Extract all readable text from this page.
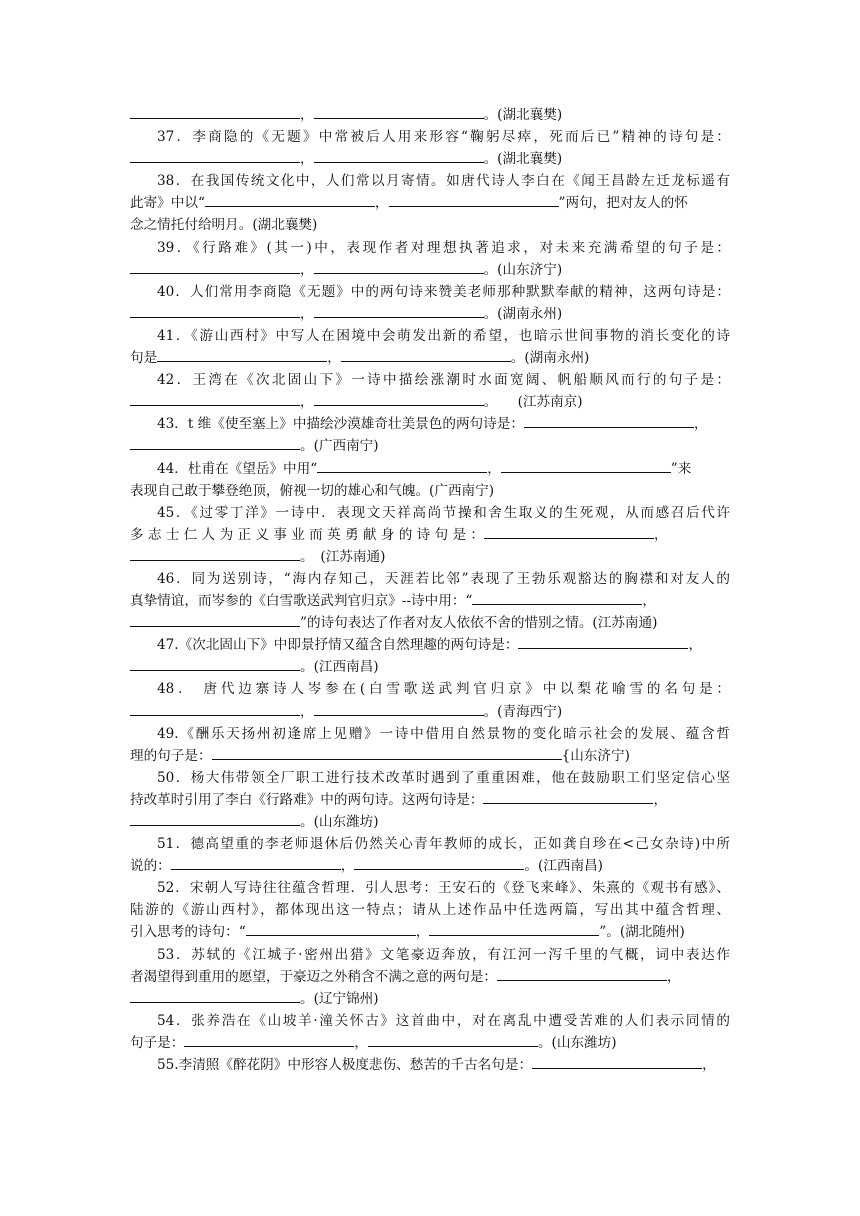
，	。(湖北襄樊)
37．李商隐的《无题》中常被后人用来形容“鞠躬尽瘁，死而后已”精神的诗句是：
，	。(湖北襄樊)
38．在我国传统文化中，人们常以月寄情。如唐代诗人李白在《闻王昌龄左迁龙标遥有
此寄》中以“	，	”两句，把对友人的怀
念之情托付给明月。(湖北襄樊)
39．《行路难》(其一)中，表现作者对理想执著追求，对未来充满希望的句子是：
，	。(山东济宁)
40．人们常用李商隐《无题》中的两句诗来赞美老师那种默默奉献的精神，这两句诗是：
，	。(湖南永州)
41．《游山西村》中写人在困境中会萌发出新的希望，也暗示世间事物的消长变化的诗
句是	，	。(湖南永州)
42．王湾在《次北固山下》一诗中描绘涨潮时水面宽阔、帆船顺风而行的句子是：
，	。　　(江苏南京)
43．t 维《使至塞上》中描绘沙漠雄奇壮美景色的两句诗是：	，
。(广西南宁)
44．杜甫在《望岳》中用“	，	”来
表现自己敢于攀登绝顶，俯视一切的雄心和气魄。(广西南宁)
45．《过零丁洋》一诗中．表现文天祥高尚节操和舍生取义的生死观，从而感召后代许
多 志 士 仁 人 为 正 义 事 业 而 英 勇 献 身 的 诗 句 是 ：	，
。　(江苏南通)
46．同为送别诗，“海内存知己，天涯若比邻”表现了王勃乐观豁达的胸襟和对友人的
真挚情谊，而岑参的《白雪歌送武判官归京》--诗中用：“	，
”的诗句表达了作者对友人依依不舍的惜别之情。(江苏南通)
47.《次北固山下》中即景抒情又蕴含自然理趣的两句诗是：	，
。(江西南昌)
48． 唐代边寨诗人岑参在(白雪歌送武判官归京》中以梨花喻雪的名句是：
，	。(青海西宁)
49.《酬乐天扬州初逢席上见赠》一诗中借用自然景物的变化暗示社会的发展、蕴含哲
理的句子是：	{山东济宁)
50．杨大伟带领全厂职工进行技术改革时遇到了重重困难，他在鼓励职工们坚定信心坚
持改革时引用了李白《行路难》中的两句诗。这两句诗是：	，
。(山东潍坊)
51．德高望重的李老师退休后仍然关心青年教师的成长，正如龚自珍在<己女杂诗)中所
说的：	，	。(江西南昌)
52．宋朝人写诗往往蕴含哲理．引人思考：王安石的《登飞来峰》、朱熹的《观书有感》、
陆游的《游山西村》，都体现出这一特点；请从上述作品中任选两篇，写出其中蕴含哲理、
引入思考的诗句：“	，	”。(湖北随州)
53．苏轼的《江城子·密州出猎》文笔豪迈奔放，有江河一泻千里的气概，词中表达作
者渴望得到重用的愿望，于豪迈之外稍含不满之意的两句是：	，
。(辽宁锦州)
54．张养浩在《山坡羊·潼关怀古》这首曲中，对在离乱中遭受苦难的人们表示同情的
句子是：	，	。(山东潍坊)
55.李清照《醉花阴》中形容人极度悲伤、愁苦的千古名句是：	，
